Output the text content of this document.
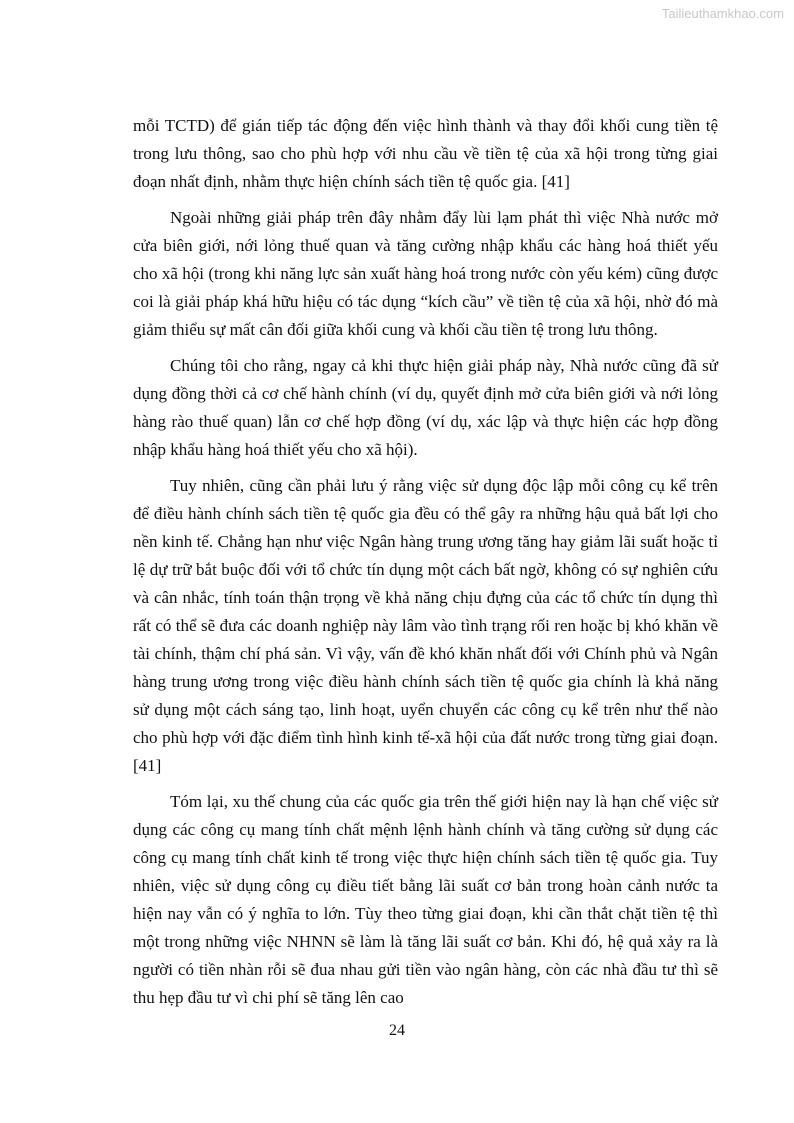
Tailieuthamkhao.com

mỗi TCTD) để gián tiếp tác động đến việc hình thành và thay đổi khối cung tiền tệ trong lưu thông, sao cho phù hợp với nhu cầu về tiền tệ của xã hội trong từng giai đoạn nhất định, nhằm thực hiện chính sách tiền tệ quốc gia. [41]

Ngoài những giải pháp trên đây nhằm đẩy lùi lạm phát thì việc Nhà nước mở cửa biên giới, nới lỏng thuế quan và tăng cường nhập khẩu các hàng hoá thiết yếu cho xã hội (trong khi năng lực sản xuất hàng hoá trong nước còn yếu kém) cũng được coi là giải pháp khá hữu hiệu có tác dụng “kích cầu” về tiền tệ của xã hội, nhờ đó mà giảm thiểu sự mất cân đối giữa khối cung và khối cầu tiền tệ trong lưu thông.

Chúng tôi cho rằng, ngay cả khi thực hiện giải pháp này, Nhà nước cũng đã sử dụng đồng thời cả cơ chế hành chính (ví dụ, quyết định mở cửa biên giới và nới lỏng hàng rào thuế quan) lẫn cơ chế hợp đồng (ví dụ, xác lập và thực hiện các hợp đồng nhập khẩu hàng hoá thiết yếu cho xã hội).

Tuy nhiên, cũng cần phải lưu ý rằng việc sử dụng độc lập mỗi công cụ kể trên để điều hành chính sách tiền tệ quốc gia đều có thể gây ra những hậu quả bất lợi cho nền kinh tế. Chẳng hạn như việc Ngân hàng trung ương tăng hay giảm lãi suất hoặc tỉ lệ dự trữ bắt buộc đối với tổ chức tín dụng một cách bất ngờ, không có sự nghiên cứu và cân nhắc, tính toán thận trọng về khả năng chịu đựng của các tổ chức tín dụng thì rất có thể sẽ đưa các doanh nghiệp này lâm vào tình trạng rối ren hoặc bị khó khăn về tài chính, thậm chí phá sản. Vì vậy, vấn đề khó khăn nhất đối với Chính phủ và Ngân hàng trung ương trong việc điều hành chính sách tiền tệ quốc gia chính là khả năng sử dụng một cách sáng tạo, linh hoạt, uyển chuyển các công cụ kể trên như thế nào cho phù hợp với đặc điểm tình hình kinh tế-xã hội của đất nước trong từng giai đoạn. [41]

Tóm lại, xu thế chung của các quốc gia trên thế giới hiện nay là hạn chế việc sử dụng các công cụ mang tính chất mệnh lệnh hành chính và tăng cường sử dụng các công cụ mang tính chất kinh tế trong việc thực hiện chính sách tiền tệ quốc gia. Tuy nhiên, việc sử dụng công cụ điều tiết bằng lãi suất cơ bản trong hoàn cảnh nước ta hiện nay vẫn có ý nghĩa to lớn. Tùy theo từng giai đoạn, khi cần thắt chặt tiền tệ thì một trong những việc NHNN sẽ làm là tăng lãi suất cơ bản. Khi đó, hệ quả xảy ra là người có tiền nhàn rỗi sẽ đua nhau gửi tiền vào ngân hàng, còn các nhà đầu tư thì sẽ thu hẹp đầu tư vì chi phí sẽ tăng lên cao

24
